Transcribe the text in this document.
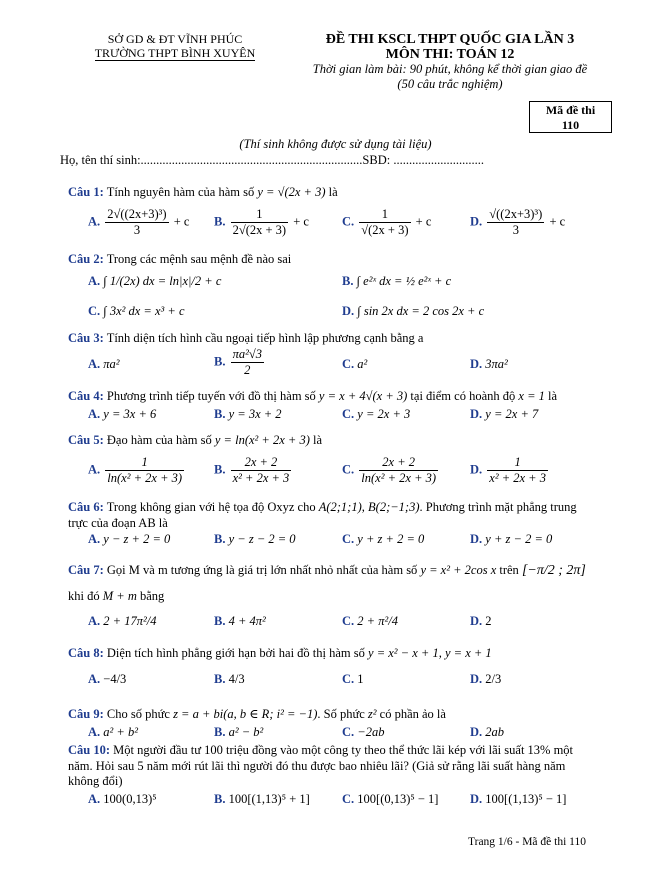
SỞ GD & ĐT VĨNH PHÚC
TRƯỜNG THPT BÌNH XUYÊN
ĐỀ THI KSCL THPT QUỐC GIA LẦN 3
MÔN THI: TOÁN 12
Thời gian làm bài: 90 phút, không kể thời gian giao đề
(50 câu trắc nghiệm)
Mã đề thi
110
(Thí sinh không được sử dụng tài liệu)
Họ, tên thí sinh:.......................................................................SBD: .............................
Câu 1: Tính nguyên hàm của hàm số y = √(2x + 3) là
A. $\frac{\text{2√((2x+3)³)}}{3} + c$ B. $\frac{1}{2√(2x + 3)} + c$	C. $\frac{1}{√(2x + 3)} + c$	D. $\frac{\text{√((2x+3)³)}}{3} + c$
Câu 2: Trong các mệnh sau mệnh đề nào sai
A. ∫ 1/(2x) dx = ln|x|/2 + c	B. ∫ e²ˣ dx = ½ e²ˣ + c
C. ∫ 3x² dx = x³ + c	D. ∫ sin 2x dx = 2 cos 2x + c
Câu 3: Tính diện tích hình cầu ngoại tiếp hình lập phương cạnh bằng a
A. πa²	B. $\frac{\text{πa²√3}}{2}$	C. a²	D. 3πa²
Câu 4: Phương trình tiếp tuyến với đồ thị hàm số y = x + 4√(x + 3) tại điểm có hoành độ x = 1 là
A. y = 3x + 6	B. y = 3x + 2	C. y = 2x + 3	D. y = 2x + 7
Câu 5: Đạo hàm của hàm số y = ln(x² + 2x + 3) là
A. $\frac{1}{\text{ln(x² + 2x + 3)}} B$. $\frac{2x + 2}{\text{x² + 2x + 3}}$	C. $\frac{2x + 2}{\text{ln(x² + 2x + 3)}}$	D. $\frac{1}{\text{x² + 2x + 3}}$
Câu 6: Trong không gian với hệ tọa độ Oxyz cho A(2;1;1), B(2;−1;3). Phương trình mặt phẳng trung
trực của đoạn AB là
A. y − z + 2 = 0	B. y − z − 2 = 0	C. y + z + 2 = 0	D. y + z − 2 = 0
Câu 7: Gọi M và m tương ứng là giá trị lớn nhất nhỏ nhất của hàm số y = x² + 2cos x trên [−π/2 ; 2π]
khi đó M + m bằng
A. 2 + 17π²/4	B. 4 + 4π²	C. 2 + π²/4	D. 2
Câu 8: Diện tích hình phẳng giới hạn bởi hai đồ thị hàm số y = x² − x + 1, y = x + 1
A. −4/3	B. 4/3	C. 1	D. 2/3
Câu 9: Cho số phức z = a + bi(a, b ∈ R; i² = −1). Số phức z² có phần ảo là
A. a² + b²	B. a² − b²	C. −2ab	D. 2ab
Câu 10: Một người đầu tư 100 triệu đồng vào một công ty theo thể thức lãi kép với lãi suất 13% một
năm. Hỏi sau 5 năm mới rút lãi thì người đó thu được bao nhiêu lãi? (Giả sử rằng lãi suất hàng năm
không đổi)
A. 100(0,13)⁵	B. 100[(1,13)⁵ + 1]	C. 100[(0,13)⁵ − 1]	D. 100[(1,13)⁵ − 1]
Trang 1/6 - Mã đề thi 110
